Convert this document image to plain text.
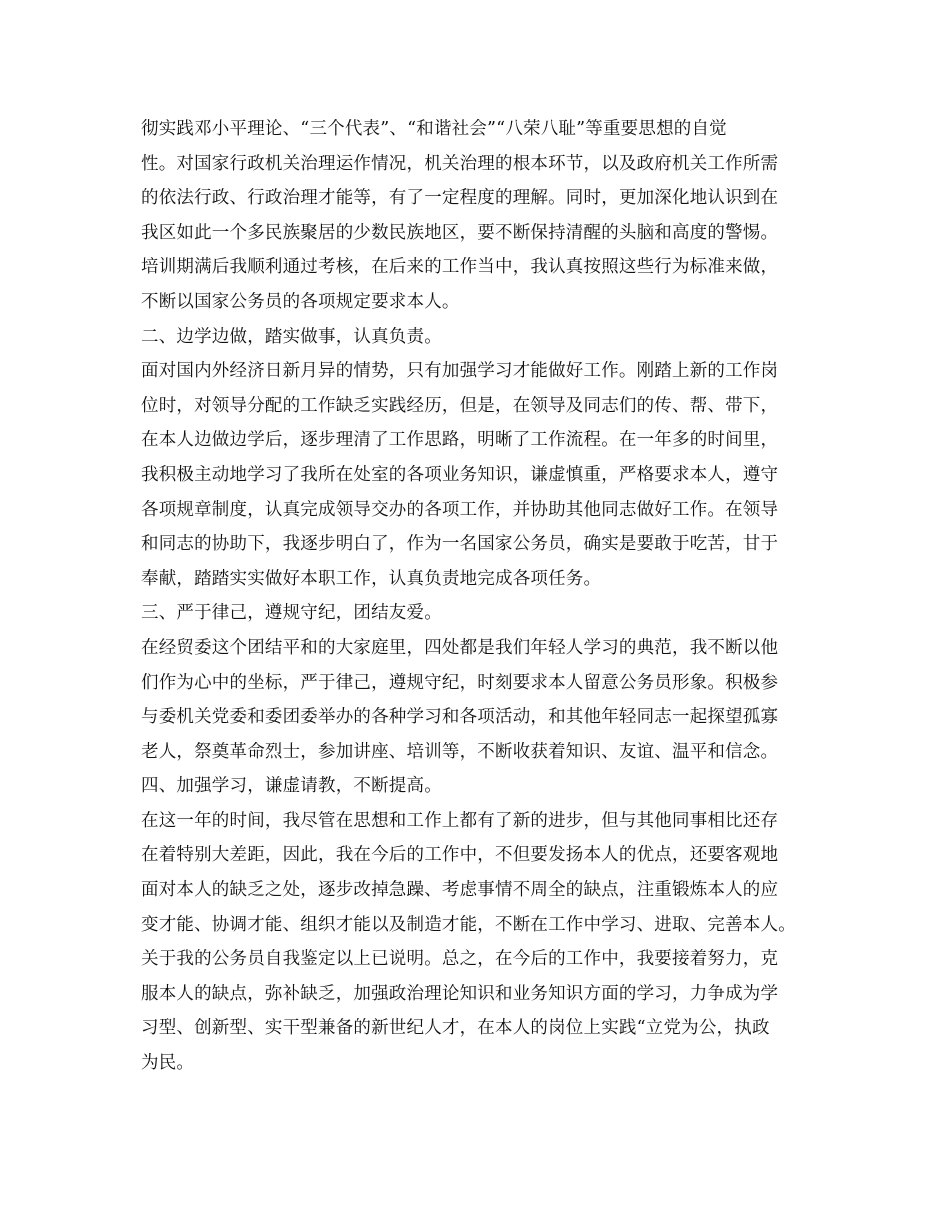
彻实践邓小平理论、“三个代表”、“和谐社会”“八荣八耻”等重要思想的自觉
性。对国家行政机关治理运作情况，机关治理的根本环节，以及政府机关工作所需
的依法行政、行政治理才能等，有了一定程度的理解。同时，更加深化地认识到在
我区如此一个多民族聚居的少数民族地区，要不断保持清醒的头脑和高度的警惕。
培训期满后我顺利通过考核，在后来的工作当中，我认真按照这些行为标准来做，
不断以国家公务员的各项规定要求本人。
二、边学边做，踏实做事，认真负责。
面对国内外经济日新月异的情势，只有加强学习才能做好工作。刚踏上新的工作岗
位时，对领导分配的工作缺乏实践经历，但是，在领导及同志们的传、帮、带下，
在本人边做边学后，逐步理清了工作思路，明晰了工作流程。在一年多的时间里，
我积极主动地学习了我所在处室的各项业务知识，谦虚慎重，严格要求本人，遵守
各项规章制度，认真完成领导交办的各项工作，并协助其他同志做好工作。在领导
和同志的协助下，我逐步明白了，作为一名国家公务员，确实是要敢于吃苦，甘于
奉献，踏踏实实做好本职工作，认真负责地完成各项任务。
三、严于律己，遵规守纪，团结友爱。
在经贸委这个团结平和的大家庭里，四处都是我们年轻人学习的典范，我不断以他
们作为心中的坐标，严于律己，遵规守纪，时刻要求本人留意公务员形象。积极参
与委机关党委和委团委举办的各种学习和各项活动，和其他年轻同志一起探望孤寡
老人，祭奠革命烈士，参加讲座、培训等，不断收获着知识、友谊、温平和信念。
四、加强学习，谦虚请教，不断提高。
在这一年的时间，我尽管在思想和工作上都有了新的进步，但与其他同事相比还存
在着特别大差距，因此，我在今后的工作中，不但要发扬本人的优点，还要客观地
面对本人的缺乏之处，逐步改掉急躁、考虑事情不周全的缺点，注重锻炼本人的应
变才能、协调才能、组织才能以及制造才能，不断在工作中学习、进取、完善本人。
关于我的公务员自我鉴定以上已说明。总之，在今后的工作中，我要接着努力，克
服本人的缺点，弥补缺乏，加强政治理论知识和业务知识方面的学习，力争成为学
习型、创新型、实干型兼备的新世纪人才，在本人的岗位上实践“立党为公，执政
为民。
